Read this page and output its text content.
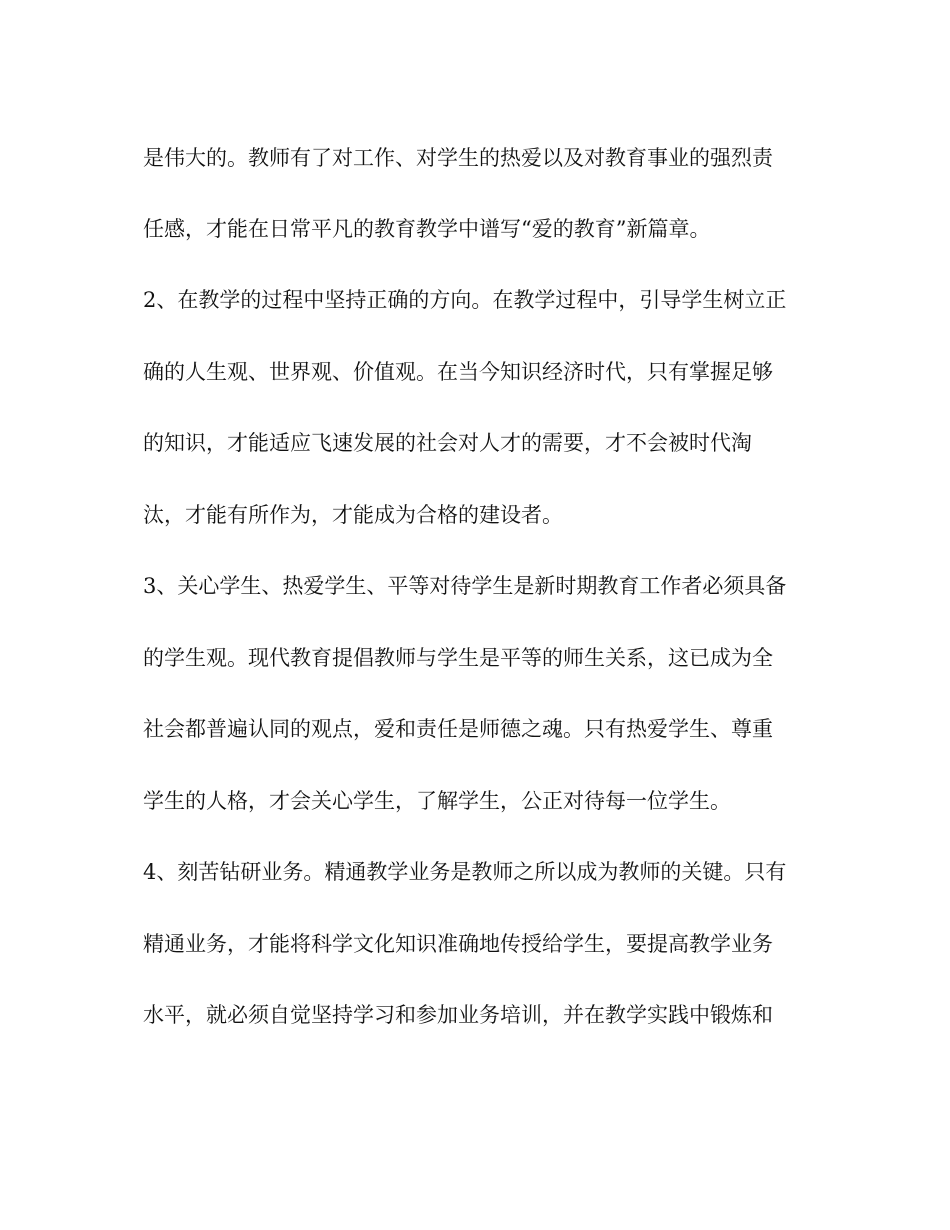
是伟大的。教师有了对工作、对学生的热爱以及对教育事业的强烈责
任感，才能在日常平凡的教育教学中谱写“爱的教育”新篇章。
2、在教学的过程中坚持正确的方向。在教学过程中，引导学生树立正
确的人生观、世界观、价值观。在当今知识经济时代，只有掌握足够
的知识，才能适应飞速发展的社会对人才的需要，才不会被时代淘
汰，才能有所作为，才能成为合格的建设者。
3、关心学生、热爱学生、平等对待学生是新时期教育工作者必须具备
的学生观。现代教育提倡教师与学生是平等的师生关系，这已成为全
社会都普遍认同的观点，爱和责任是师德之魂。只有热爱学生、尊重
学生的人格，才会关心学生，了解学生，公正对待每一位学生。
4、刻苦钻研业务。精通教学业务是教师之所以成为教师的关键。只有
精通业务，才能将科学文化知识准确地传授给学生，要提高教学业务
水平，就必须自觉坚持学习和参加业务培训，并在教学实践中锻炼和
